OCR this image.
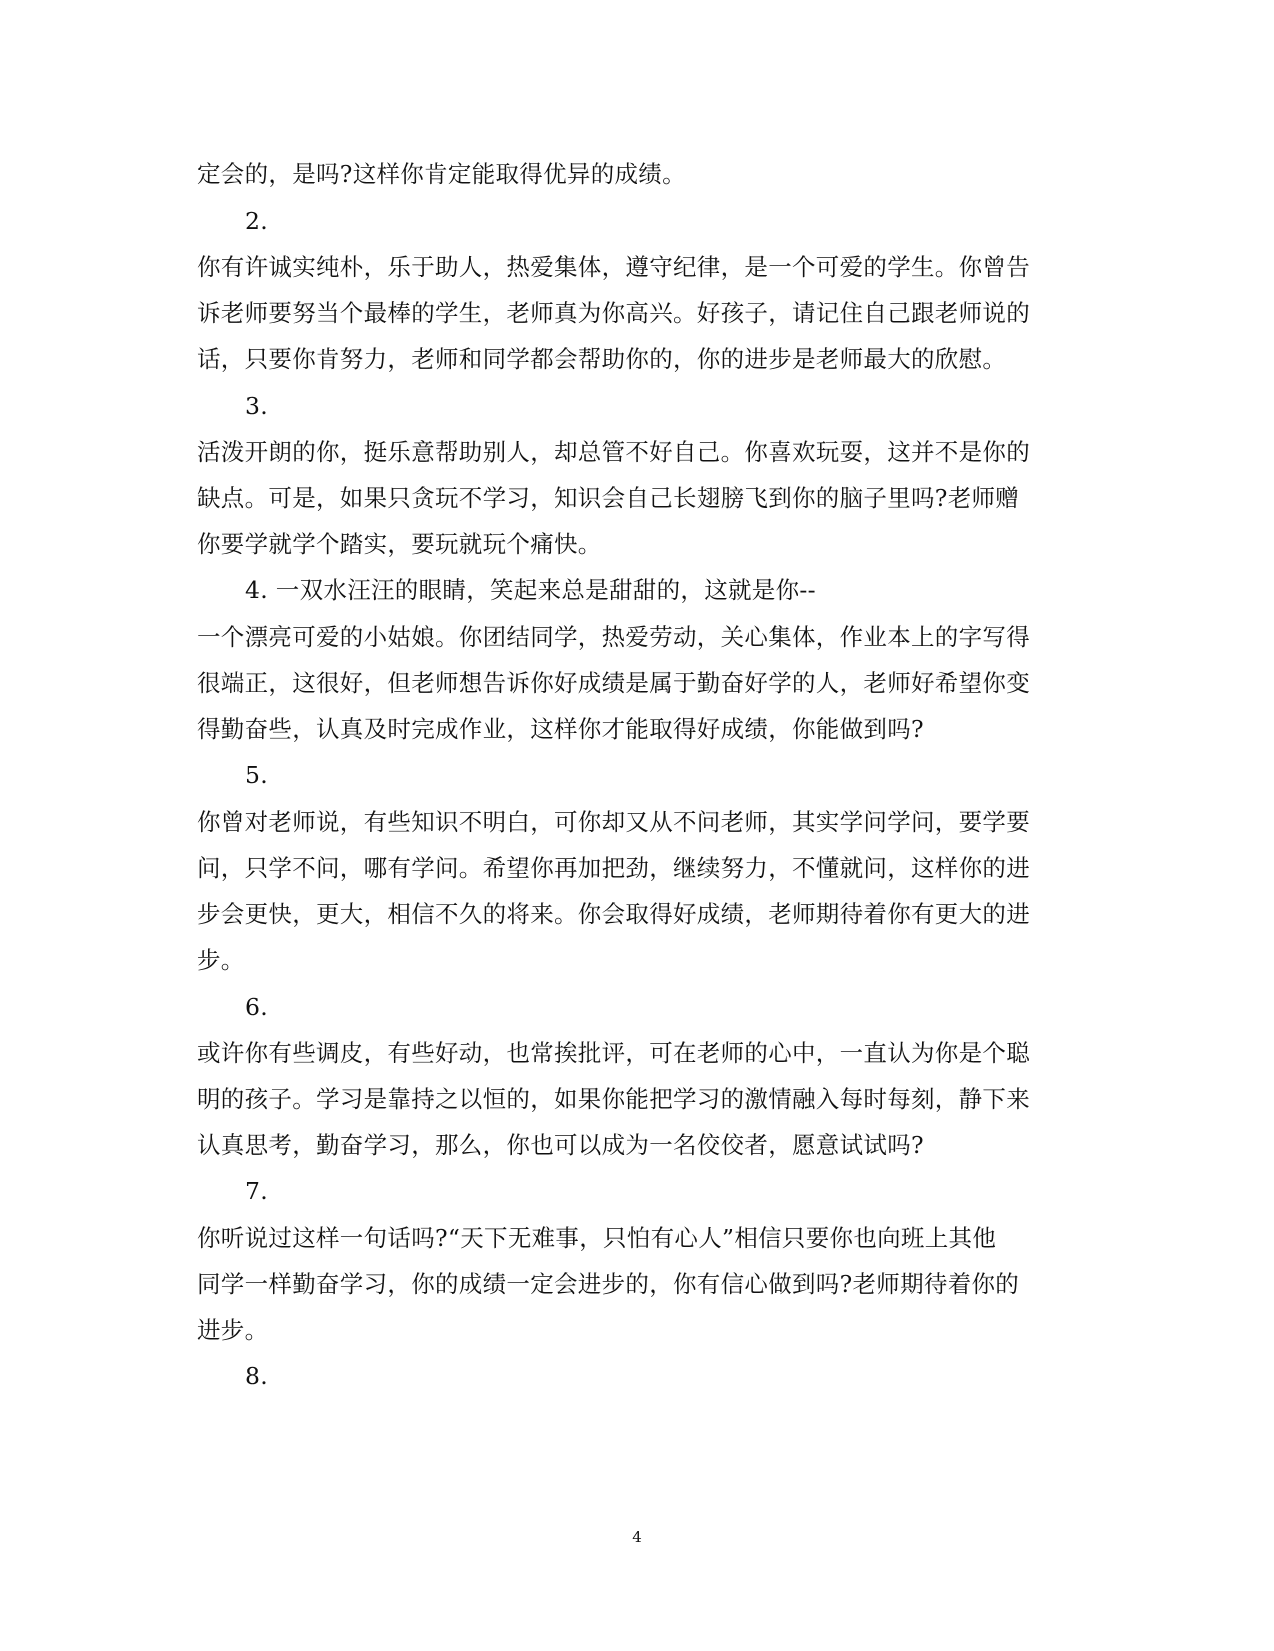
定会的，是吗?这样你肯定能取得优异的成绩。
2.
你有许诚实纯朴，乐于助人，热爱集体，遵守纪律，是一个可爱的学生。你曾告
诉老师要努当个最棒的学生，老师真为你高兴。好孩子，请记住自己跟老师说的
话，只要你肯努力，老师和同学都会帮助你的，你的进步是老师最大的欣慰。
3.
活泼开朗的你，挺乐意帮助别人，却总管不好自己。你喜欢玩耍，这并不是你的
缺点。可是，如果只贪玩不学习，知识会自己长翅膀飞到你的脑子里吗?老师赠
你要学就学个踏实，要玩就玩个痛快。
4. 一双水汪汪的眼睛，笑起来总是甜甜的，这就是你--
一个漂亮可爱的小姑娘。你团结同学，热爱劳动，关心集体，作业本上的字写得
很端正，这很好，但老师想告诉你好成绩是属于勤奋好学的人，老师好希望你变
得勤奋些，认真及时完成作业，这样你才能取得好成绩，你能做到吗?
5.
你曾对老师说，有些知识不明白，可你却又从不问老师，其实学问学问，要学要
问，只学不问，哪有学问。希望你再加把劲，继续努力，不懂就问，这样你的进
步会更快，更大，相信不久的将来。你会取得好成绩，老师期待着你有更大的进
步。
6.
或许你有些调皮，有些好动，也常挨批评，可在老师的心中，一直认为你是个聪
明的孩子。学习是靠持之以恒的，如果你能把学习的激情融入每时每刻，静下来
认真思考，勤奋学习，那么，你也可以成为一名佼佼者，愿意试试吗?
7.
你听说过这样一句话吗?“天下无难事，只怕有心人”相信只要你也向班上其他
同学一样勤奋学习，你的成绩一定会进步的，你有信心做到吗?老师期待着你的
进步。
8.
4
